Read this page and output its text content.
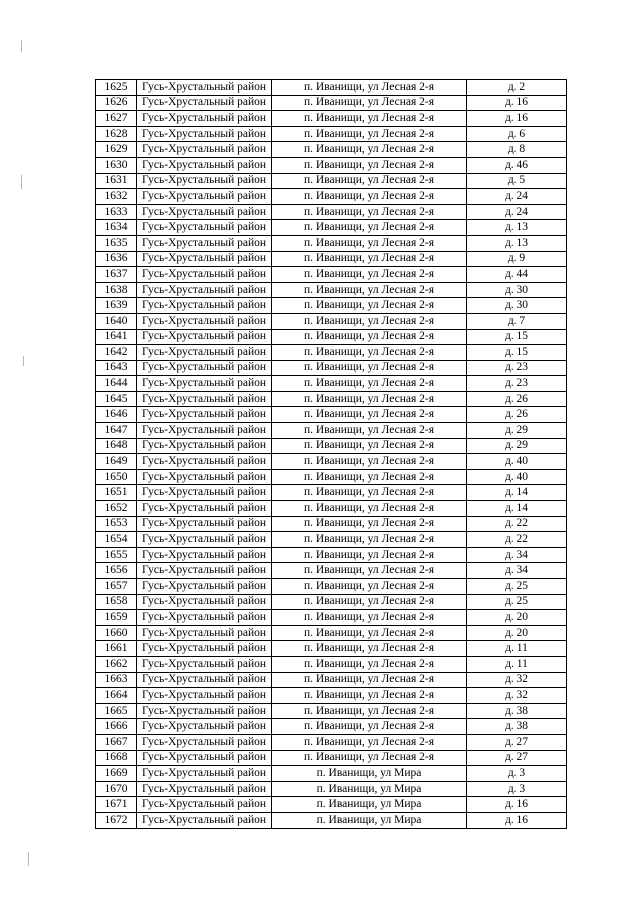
1625	Гусь-Хрустальный район	п. Иванищи, ул Лесная 2-я	д. 2
1626	Гусь-Хрустальный район	п. Иванищи, ул Лесная 2-я	д. 16
1627	Гусь-Хрустальный район	п. Иванищи, ул Лесная 2-я	д. 16
1628	Гусь-Хрустальный район	п. Иванищи, ул Лесная 2-я	д. 6
1629	Гусь-Хрустальный район	п. Иванищи, ул Лесная 2-я	д. 8
1630	Гусь-Хрустальный район	п. Иванищи, ул Лесная 2-я	д. 46
1631	Гусь-Хрустальный район	п. Иванищи, ул Лесная 2-я	д. 5
1632	Гусь-Хрустальный район	п. Иванищи, ул Лесная 2-я	д. 24
1633	Гусь-Хрустальный район	п. Иванищи, ул Лесная 2-я	д. 24
1634	Гусь-Хрустальный район	п. Иванищи, ул Лесная 2-я	д. 13
1635	Гусь-Хрустальный район	п. Иванищи, ул Лесная 2-я	д. 13
1636	Гусь-Хрустальный район	п. Иванищи, ул Лесная 2-я	д. 9
1637	Гусь-Хрустальный район	п. Иванищи, ул Лесная 2-я	д. 44
1638	Гусь-Хрустальный район	п. Иванищи, ул Лесная 2-я	д. 30
1639	Гусь-Хрустальный район	п. Иванищи, ул Лесная 2-я	д. 30
1640	Гусь-Хрустальный район	п. Иванищи, ул Лесная 2-я	д. 7
1641	Гусь-Хрустальный район	п. Иванищи, ул Лесная 2-я	д. 15
1642	Гусь-Хрустальный район	п. Иванищи, ул Лесная 2-я	д. 15
1643	Гусь-Хрустальный район	п. Иванищи, ул Лесная 2-я	д. 23
1644	Гусь-Хрустальный район	п. Иванищи, ул Лесная 2-я	д. 23
1645	Гусь-Хрустальный район	п. Иванищи, ул Лесная 2-я	д. 26
1646	Гусь-Хрустальный район	п. Иванищи, ул Лесная 2-я	д. 26
1647	Гусь-Хрустальный район	п. Иванищи, ул Лесная 2-я	д. 29
1648	Гусь-Хрустальный район	п. Иванищи, ул Лесная 2-я	д. 29
1649	Гусь-Хрустальный район	п. Иванищи, ул Лесная 2-я	д. 40
1650	Гусь-Хрустальный район	п. Иванищи, ул Лесная 2-я	д. 40
1651	Гусь-Хрустальный район	п. Иванищи, ул Лесная 2-я	д. 14
1652	Гусь-Хрустальный район	п. Иванищи, ул Лесная 2-я	д. 14
1653	Гусь-Хрустальный район	п. Иванищи, ул Лесная 2-я	д. 22
1654	Гусь-Хрустальный район	п. Иванищи, ул Лесная 2-я	д. 22
1655	Гусь-Хрустальный район	п. Иванищи, ул Лесная 2-я	д. 34
1656	Гусь-Хрустальный район	п. Иванищи, ул Лесная 2-я	д. 34
1657	Гусь-Хрустальный район	п. Иванищи, ул Лесная 2-я	д. 25
1658	Гусь-Хрустальный район	п. Иванищи, ул Лесная 2-я	д. 25
1659	Гусь-Хрустальный район	п. Иванищи, ул Лесная 2-я	д. 20
1660	Гусь-Хрустальный район	п. Иванищи, ул Лесная 2-я	д. 20
1661	Гусь-Хрустальный район	п. Иванищи, ул Лесная 2-я	д. 11
1662	Гусь-Хрустальный район	п. Иванищи, ул Лесная 2-я	д. 11
1663	Гусь-Хрустальный район	п. Иванищи, ул Лесная 2-я	д. 32
1664	Гусь-Хрустальный район	п. Иванищи, ул Лесная 2-я	д. 32
1665	Гусь-Хрустальный район	п. Иванищи, ул Лесная 2-я	д. 38
1666	Гусь-Хрустальный район	п. Иванищи, ул Лесная 2-я	д. 38
1667	Гусь-Хрустальный район	п. Иванищи, ул Лесная 2-я	д. 27
1668	Гусь-Хрустальный район	п. Иванищи, ул Лесная 2-я	д. 27
1669	Гусь-Хрустальный район	п. Иванищи, ул Мира	д. 3
1670	Гусь-Хрустальный район	п. Иванищи, ул Мира	д. 3
1671	Гусь-Хрустальный район	п. Иванищи, ул Мира	д. 16
1672	Гусь-Хрустальный район	п. Иванищи, ул Мира	д. 16
